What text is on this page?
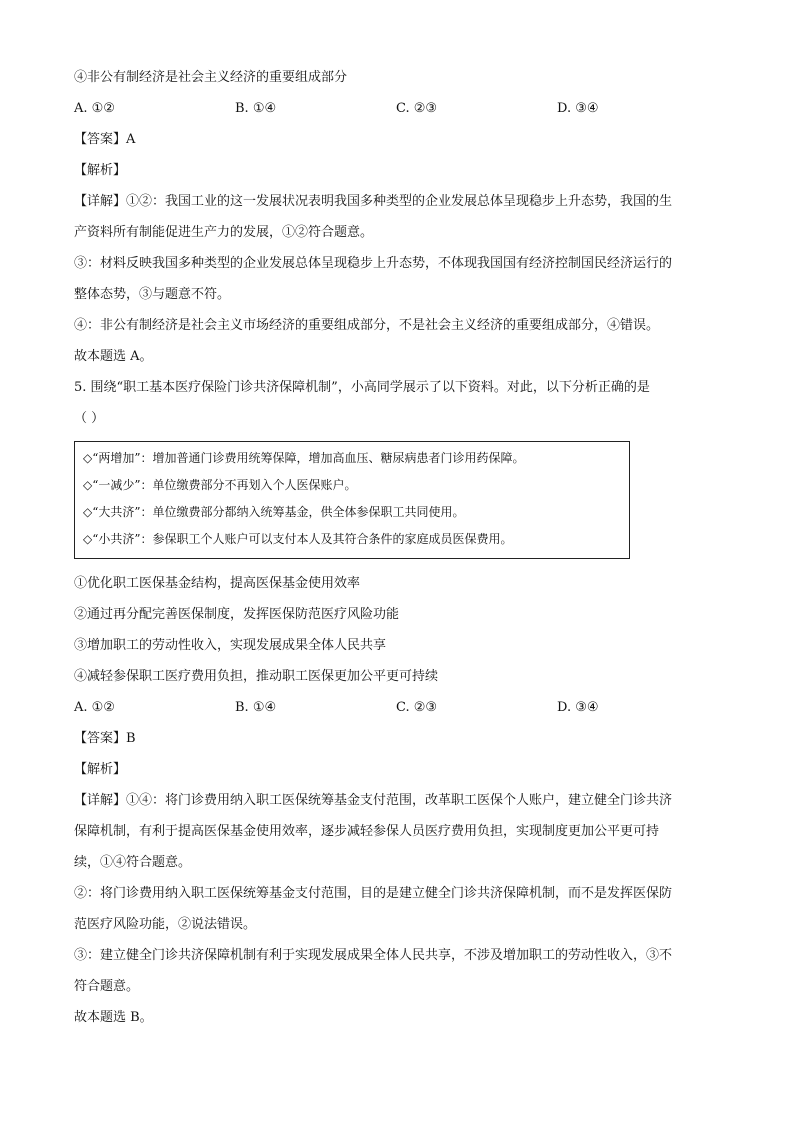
④非公有制经济是社会主义经济的重要组成部分
A. ①②	B. ①④	C. ②③	D. ③④
【答案】A
【解析】
【详解】①②：我国工业的这一发展状况表明我国多种类型的企业发展总体呈现稳步上升态势，我国的生
产资料所有制能促进生产力的发展，①②符合题意。
③：材料反映我国多种类型的企业发展总体呈现稳步上升态势，不体现我国国有经济控制国民经济运行的
整体态势，③与题意不符。
④：非公有制经济是社会主义市场经济的重要组成部分，不是社会主义经济的重要组成部分，④错误。
故本题选 A。
5. 围绕“职工基本医疗保险门诊共济保障机制”，小高同学展示了以下资料。对此，以下分析正确的是
（ ）
◇“两增加”：增加普通门诊费用统筹保障，增加高血压、糖尿病患者门诊用药保障。
◇“一减少”：单位缴费部分不再划入个人医保账户。
◇“大共济”：单位缴费部分都纳入统筹基金，供全体参保职工共同使用。
◇“小共济”：参保职工个人账户可以支付本人及其符合条件的家庭成员医保费用。
①优化职工医保基金结构，提高医保基金使用效率
②通过再分配完善医保制度，发挥医保防范医疗风险功能
③增加职工的劳动性收入，实现发展成果全体人民共享
④减轻参保职工医疗费用负担，推动职工医保更加公平更可持续
A. ①②	B. ①④	C. ②③	D. ③④
【答案】B
【解析】
【详解】①④：将门诊费用纳入职工医保统筹基金支付范围，改革职工医保个人账户，建立健全门诊共济
保障机制，有利于提高医保基金使用效率，逐步减轻参保人员医疗费用负担，实现制度更加公平更可持
续，①④符合题意。
②：将门诊费用纳入职工医保统筹基金支付范围，目的是建立健全门诊共济保障机制，而不是发挥医保防
范医疗风险功能，②说法错误。
③：建立健全门诊共济保障机制有利于实现发展成果全体人民共享，不涉及增加职工的劳动性收入，③不
符合题意。
故本题选 B。
